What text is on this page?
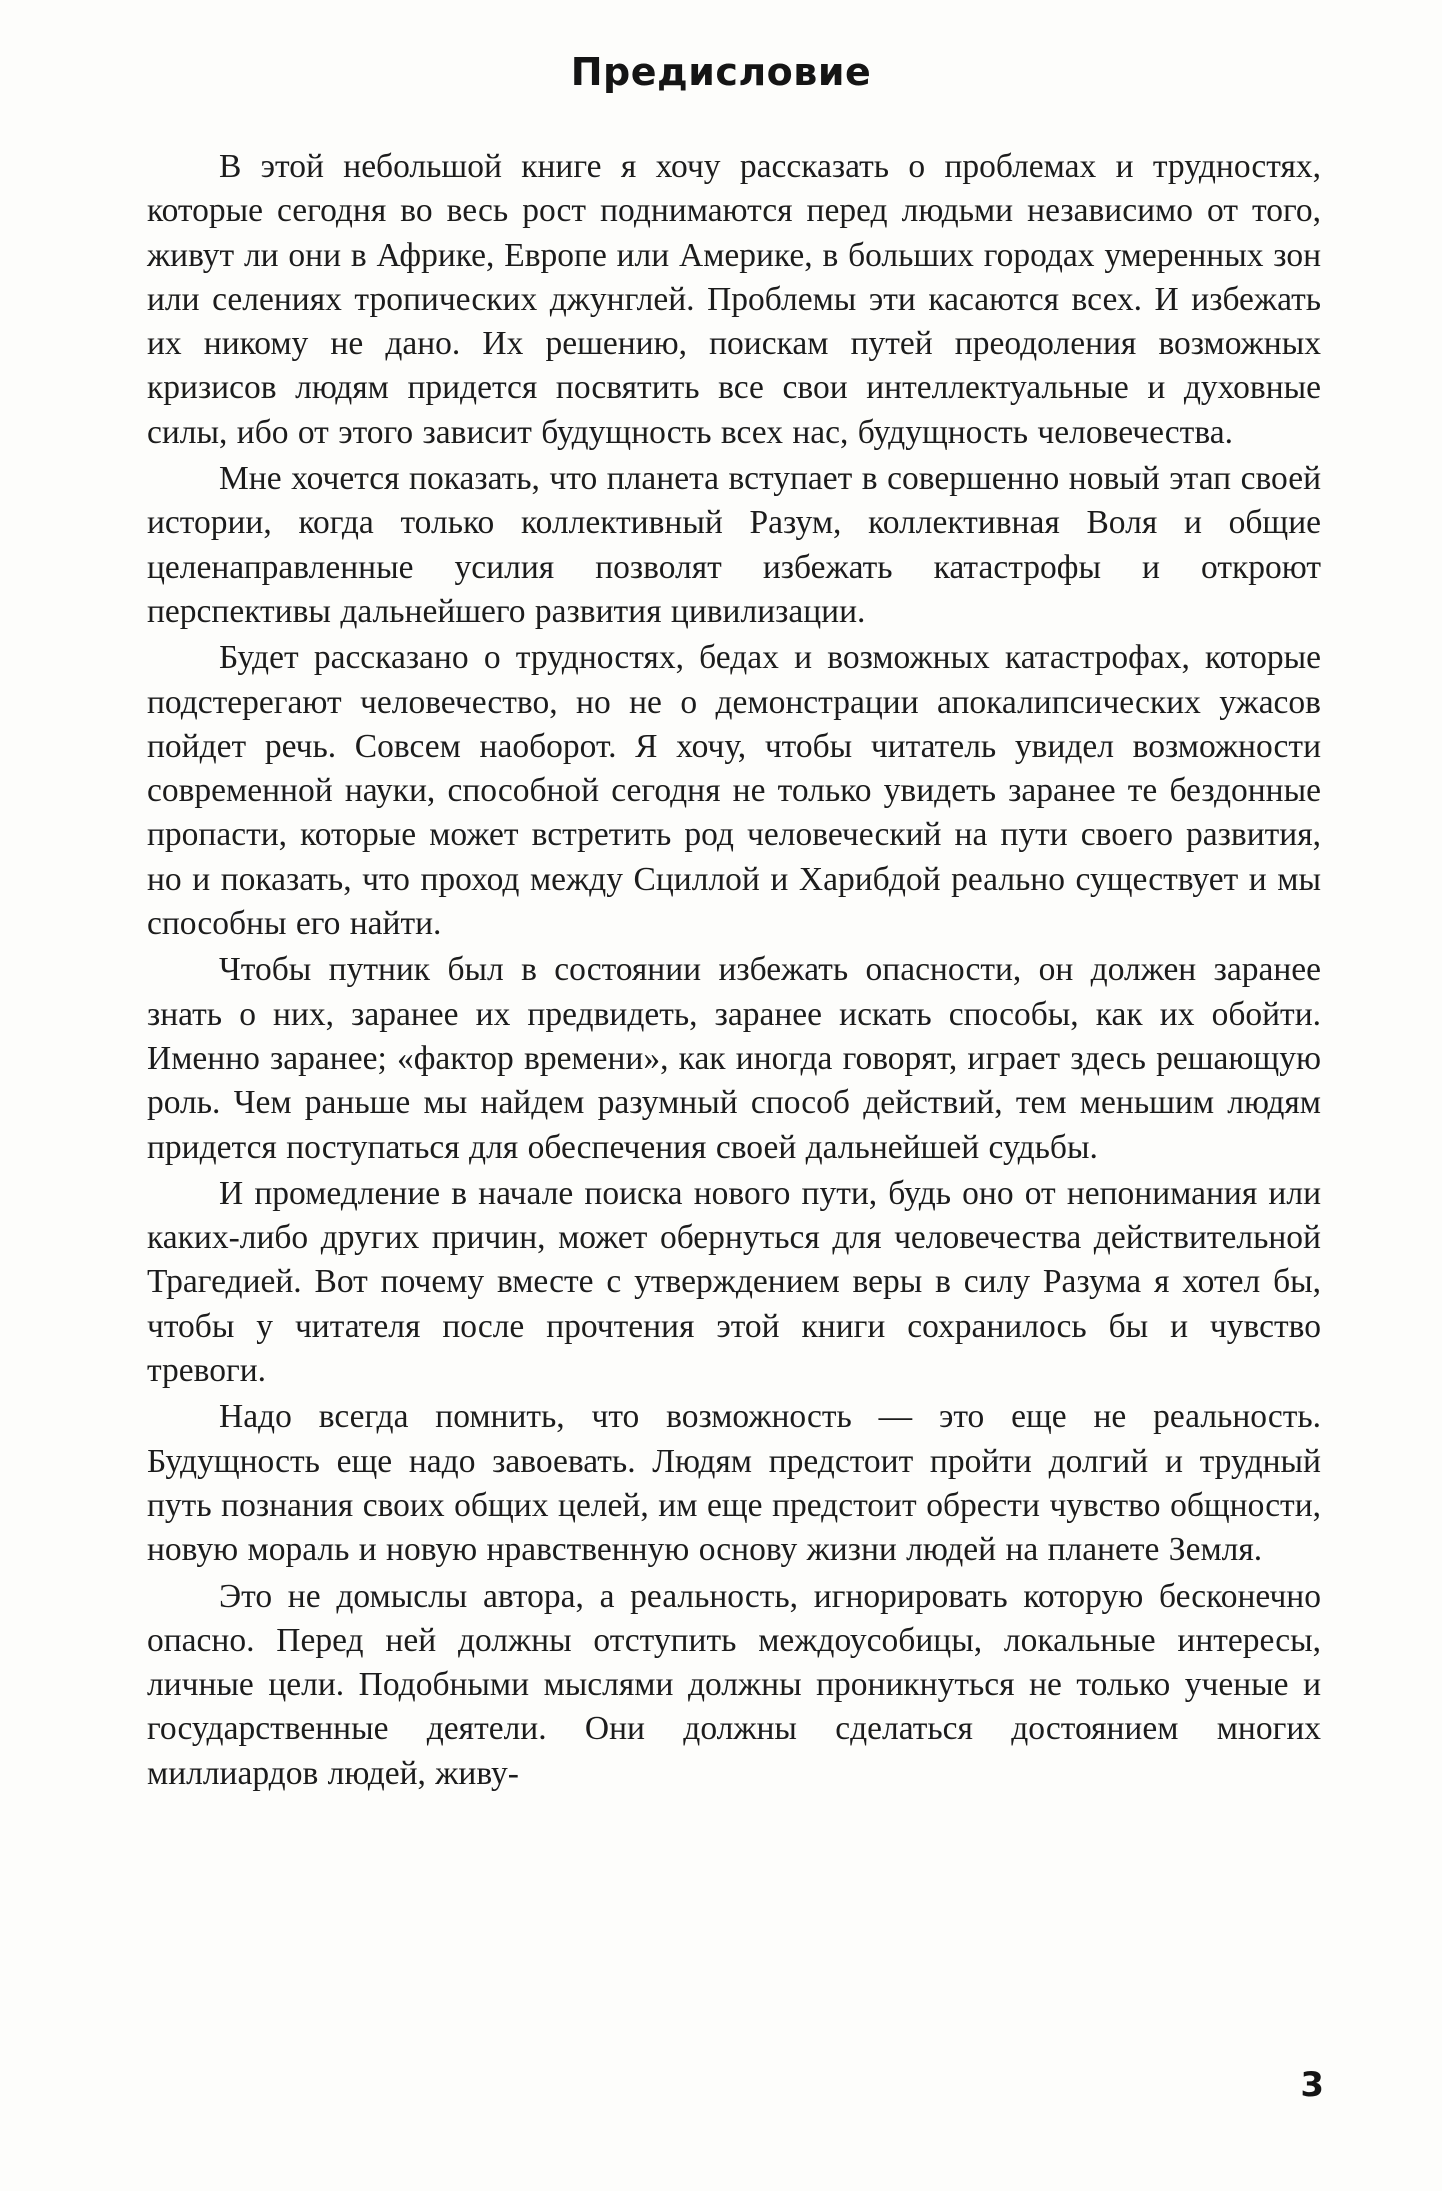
Предисловие

В этой небольшой книге я хочу рассказать о проблемах и трудностях, которые сегодня во весь рост поднимаются перед людьми независимо от того, живут ли они в Африке, Европе или Америке, в больших городах умеренных зон или селениях тропических джунглей. Проблемы эти касаются всех. И избежать их никому не дано. Их решению, поискам путей преодоления возможных кризисов людям придется посвятить все свои интеллектуальные и духовные силы, ибо от этого зависит будущность всех нас, будущность человечества.

Мне хочется показать, что планета вступает в совершенно новый этап своей истории, когда только коллективный Разум, коллективная Воля и общие целенаправленные усилия позволят избежать катастрофы и откроют перспективы дальнейшего развития цивилизации.

Будет рассказано о трудностях, бедах и возможных катастрофах, которые подстерегают человечество, но не о демонстрации апокалипсических ужасов пойдет речь. Совсем наоборот. Я хочу, чтобы читатель увидел возможности современной науки, способной сегодня не только увидеть заранее те бездонные пропасти, которые может встретить род человеческий на пути своего развития, но и показать, что проход между Сциллой и Харибдой реально существует и мы способны его найти.

Чтобы путник был в состоянии избежать опасности, он должен заранее знать о них, заранее их предвидеть, заранее искать способы, как их обойти. Именно заранее; «фактор времени», как иногда говорят, играет здесь решающую роль. Чем раньше мы найдем разумный способ действий, тем меньшим людям придется поступаться для обеспечения своей дальнейшей судьбы.

И промедление в начале поиска нового пути, будь оно от непонимания или каких-либо других причин, может обернуться для человечества действительной Трагедией. Вот почему вместе с утверждением веры в силу Разума я хотел бы, чтобы у читателя после прочтения этой книги сохранилось бы и чувство тревоги.

Надо всегда помнить, что возможность — это еще не реальность. Будущность еще надо завоевать. Людям предстоит пройти долгий и трудный путь познания своих общих целей, им еще предстоит обрести чувство общности, новую мораль и новую нравственную основу жизни людей на планете Земля.

Это не домыслы автора, а реальность, игнорировать которую бесконечно опасно. Перед ней должны отступить междоусобицы, локальные интересы, личные цели. Подобными мыслями должны проникнуться не только ученые и государственные деятели. Они должны сделаться достоянием многих миллиардов людей, живу-

3
